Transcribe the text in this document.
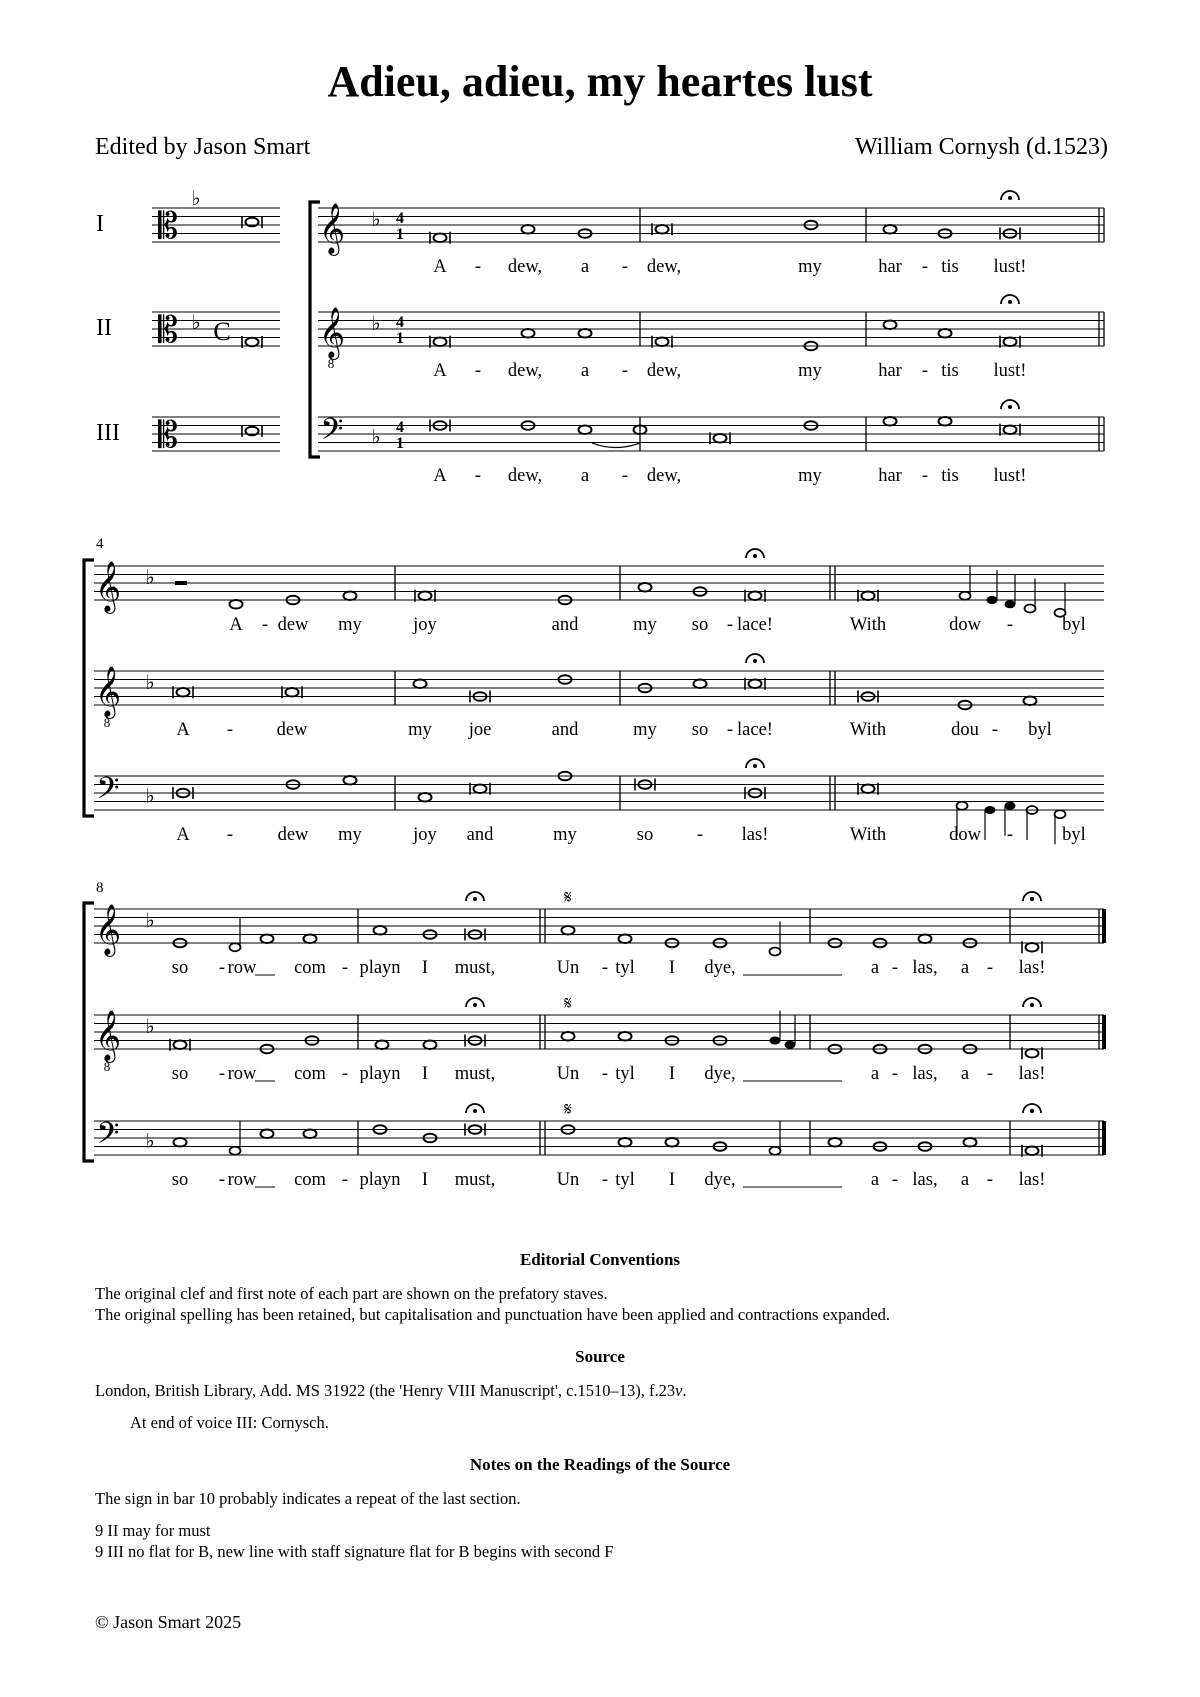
Adieu, adieu, my heartes lust
Edited by Jason Smart	William Cornysh (d.1523)
I
II
III
𝄡
♭
𝄡 ♭ C
𝄡
𝄞 ♭ 4
1
𝄞
8
♭ 4
1
𝄢 ♭ 4
1
A - dew, a - dew,	my	har - tis lust!
A - dew, a - dew,	my	har - tis lust!
A - dew, a - dew,	my	har - tis lust!
4
𝄞 ♭
𝄞
8
♭
𝄢 ♭
A - dew my	joy	and	my so - lace!	With	dow -	byl
A - dew	my joe	and	my so - lace!	With	dou - byl
A - dew my	joy and	my	so - las!	With	dow -	byl
8
𝄞 ♭
𝄞
8
♭
𝄢 ♭
𝄋
𝄋
𝄋
so - row com - playn I must,	Un - tyl I dye,	a - las, a - las!
so - row com - playn I must,	Un - tyl I dye,	a - las, a - las!
so - row com - playn I must,	Un - tyl I dye,	a - las, a - las!
Editorial Conventions
The original clef and first note of each part are shown on the prefatory staves.
The original spelling has been retained, but capitalisation and punctuation have been applied and contractions expanded.
Source
London, British Library, Add. MS 31922 (the 'Henry VIII Manuscript', c.1510–13), f.23v.
At end of voice III: Cornysch.
Notes on the Readings of the Source
The sign in bar 10 probably indicates a repeat of the last section.
9 II may for must
9 III no flat for B, new line with staff signature flat for B begins with second F
© Jason Smart 2025
